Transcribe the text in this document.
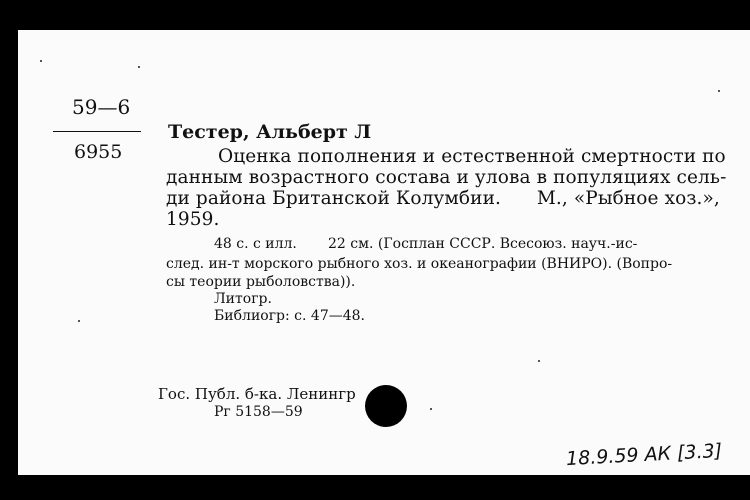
59—6
6955
Тестер, Альберт Л
Оценка пополнения и естественной смертности по
данным возрастного состава и улова в популяциях сель-
ди района Британской Колумбии.      М., «Рыбное хоз.»,
1959.
48 с. с илл.       22 см. (Госплан СССР. Всесоюз. науч.-ис-
след. ин-т морского рыбного хоз. и океанографии (ВНИРО). (Вопро-
сы теории рыболовства)).
Литогр.
Библиогр: с. 47—48.
Гос. Публ. б-ка. Ленингр
Рг 5158—59
18.9.59 АК [3.3]
